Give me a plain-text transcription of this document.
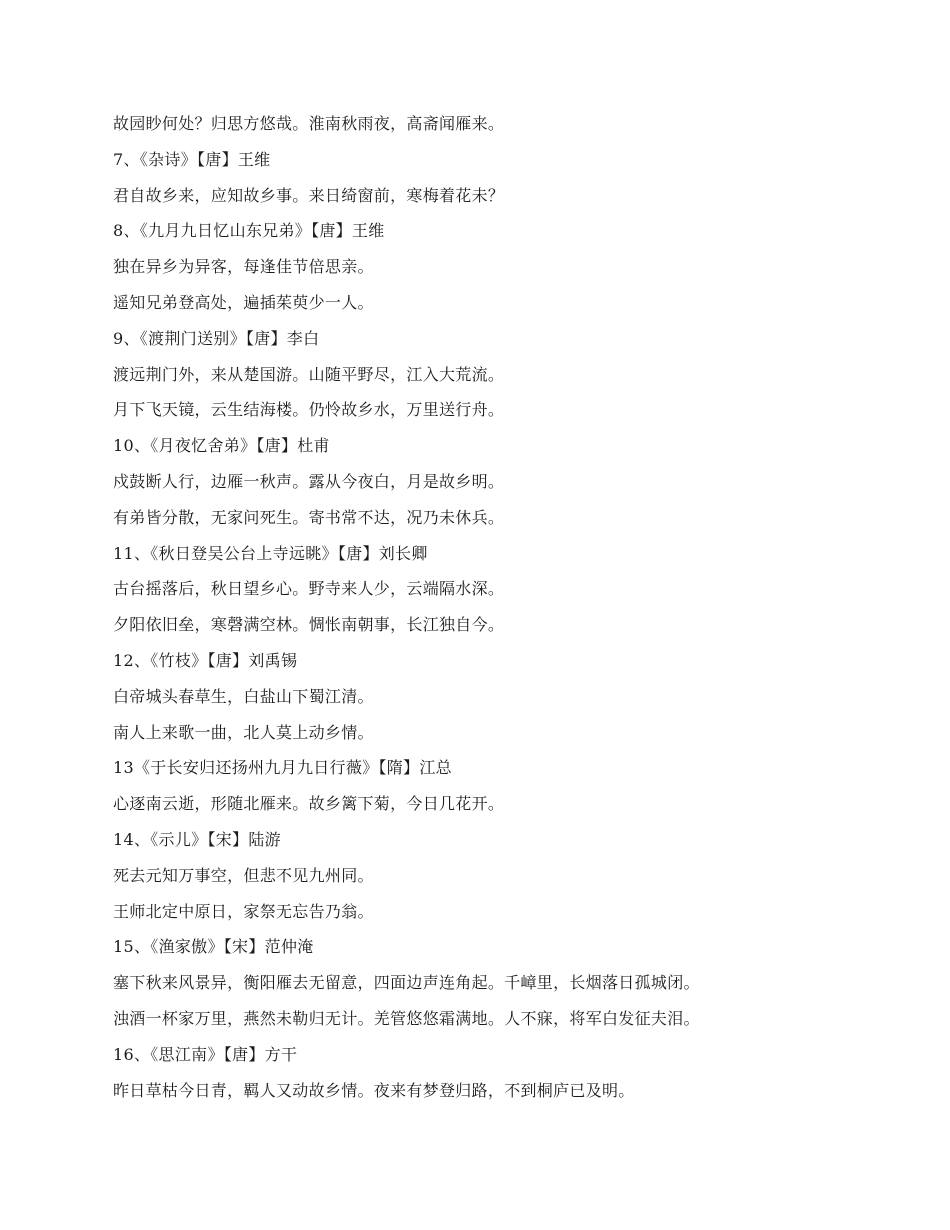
故园眇何处？归思方悠哉。淮南秋雨夜，高斋闻雁来。
7、《杂诗》【唐】王维
君自故乡来，应知故乡事。来日绮窗前，寒梅着花未？
8、《九月九日忆山东兄弟》【唐】王维
独在异乡为异客，每逢佳节倍思亲。
遥知兄弟登高处，遍插茱萸少一人。
9、《渡荆门送别》【唐】李白
渡远荆门外，来从楚国游。山随平野尽，江入大荒流。
月下飞天镜，云生结海楼。仍怜故乡水，万里送行舟。
10、《月夜忆舍弟》【唐】杜甫
戍鼓断人行，边雁一秋声。露从今夜白，月是故乡明。
有弟皆分散，无家问死生。寄书常不达，况乃未休兵。
11、《秋日登吴公台上寺远眺》【唐】刘长卿
古台摇落后，秋日望乡心。野寺来人少，云端隔水深。
夕阳依旧垒，寒磬满空林。惆怅南朝事，长江独自今。
12、《竹枝》【唐】刘禹锡
白帝城头春草生，白盐山下蜀江清。
南人上来歌一曲，北人莫上动乡情。
13《于长安归还扬州九月九日行薇》【隋】江总
心逐南云逝，形随北雁来。故乡篱下菊，今日几花开。
14、《示儿》【宋】陆游
死去元知万事空，但悲不见九州同。
王师北定中原日，家祭无忘告乃翁。
15、《渔家傲》【宋】范仲淹
塞下秋来风景异，衡阳雁去无留意，四面边声连角起。千嶂里，长烟落日孤城闭。
浊酒一杯家万里，燕然未勒归无计。羌管悠悠霜满地。人不寐，将军白发征夫泪。
16、《思江南》【唐】方干
昨日草枯今日青，羁人又动故乡情。夜来有梦登归路，不到桐庐已及明。
